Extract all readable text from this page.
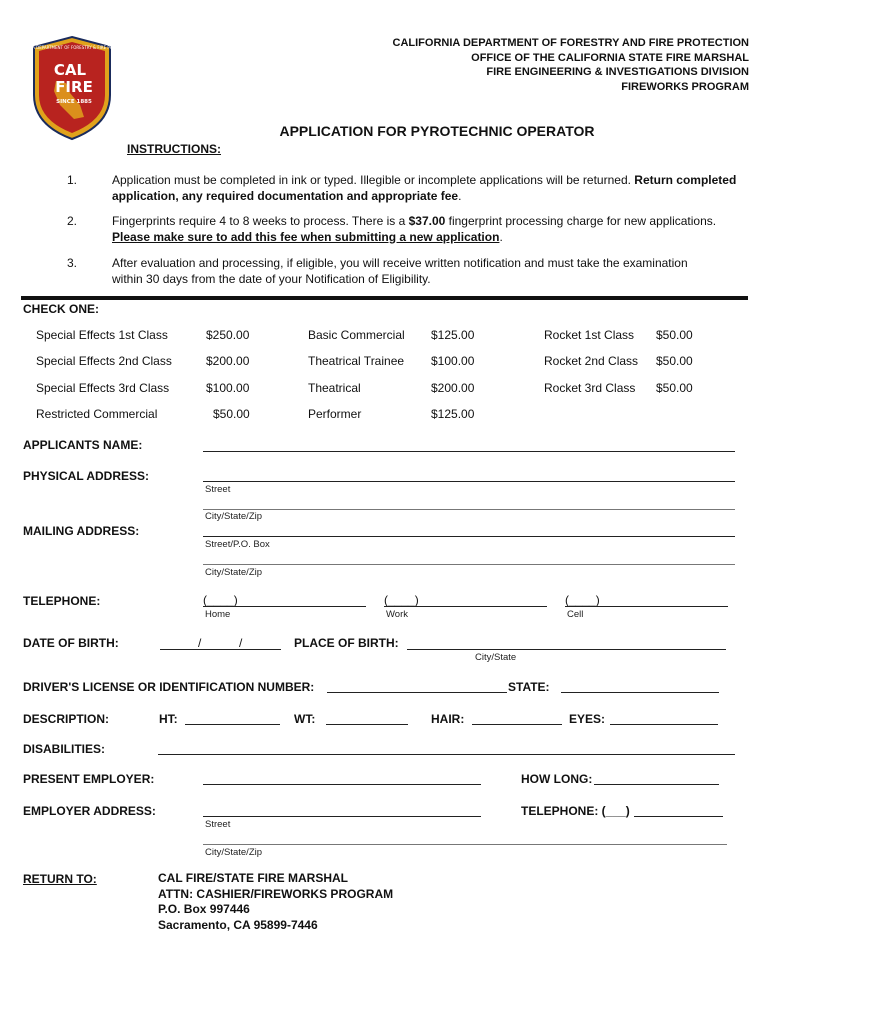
CALIFORNIA DEPARTMENT OF FORESTRY & FIRE PROTECTION
CAL
FIRE
SINCE 1885
CALIFORNIA DEPARTMENT OF FORESTRY AND FIRE PROTECTION
OFFICE OF THE CALIFORNIA STATE FIRE MARSHAL
FIRE ENGINEERING & INVESTIGATIONS DIVISION
FIREWORKS PROGRAM
APPLICATION FOR PYROTECHNIC OPERATOR
INSTRUCTIONS:
1.	Application must be completed in ink or typed. Illegible or incomplete applications will be returned. Return completed application, any required documentation and appropriate fee.
2.	Fingerprints require 4 to 8 weeks to process. There is a $37.00 fingerprint processing charge for new applications.
Please make sure to add this fee when submitting a new application.
3.	After evaluation and processing, if eligible, you will receive written notification and must take the examination within 30 days from the date of your Notification of Eligibility.
CHECK ONE:
Special Effects 1st Class	$250.00	Basic Commercial $125.00	Rocket 1st Class $50.00
Special Effects 2nd Class	$200.00	Theatrical Trainee $100.00	Rocket 2nd Class $50.00
Special Effects 3rd Class	$100.00	Theatrical	$200.00	Rocket 3rd Class $50.00
Restricted Commercial	$50.00	Performer	$125.00
APPLICANTS NAME:
PHYSICAL ADDRESS:
Street
City/State/Zip
MAILING ADDRESS:
Street/P.O. Box
City/State/Zip
TELEPHONE:	(____)
Home
(____)
Work
(____)
Cell
DATE OF BIRTH:	/	/	PLACE OF BIRTH:
City/State
DRIVER'S LICENSE OR IDENTIFICATION NUMBER:	STATE:
DESCRIPTION:	HT:	WT:	HAIR:	EYES:
DISABILITIES:
PRESENT EMPLOYER:	HOW LONG:
EMPLOYER ADDRESS:
Street
TELEPHONE: (___)
City/State/Zip
RETURN TO:	CAL FIRE/STATE FIRE MARSHAL
ATTN: CASHIER/FIREWORKS PROGRAM
P.O. Box 997446
Sacramento, CA 95899-7446
